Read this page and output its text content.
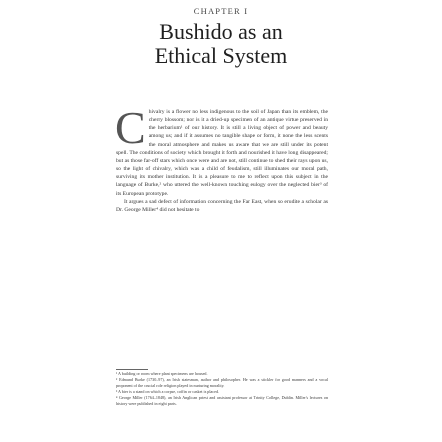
CHAPTER I
Bushido as an
Ethical System

Chivalry is a flower no less indigenous to the soil of Japan than its emblem, the cherry blossom; nor is it a dried-up specimen of an antique virtue preserved in the herbarium¹ of our history. It is still a living object of power and beauty among us; and if it assumes no tangible shape or form, it none the less scents the moral atmosphere and makes us aware that we are still under its potent spell. The conditions of society which brought it forth and nourished it have long disappeared; but as those far-off stars which once were and are not, still continue to shed their rays upon us, so the light of chivalry, which was a child of feudalism, still illuminates our moral path, surviving its mother institution. It is a pleasure to me to reflect upon this subject in the language of Burke,² who uttered the well-known touching eulogy over the neglected bier³ of its European prototype.

It argues a sad defect of information concerning the Far East, when so erudite a scholar as Dr. George Miller⁴ did not hesitate to

¹ A building or room where plant specimens are housed.
² Edmund Burke (1730–97), an Irish statesman, author and philosopher. He was a stickler for good manners and a vocal proponent of the crucial role religion played in nurturing morality.
³ A bier is a stand on which a corpse, coffin or casket is placed.
⁴ George Miller (1764–1848), an Irish Anglican priest and assistant professor at Trinity College, Dublin. Miller's lectures on history were published in eight parts.
